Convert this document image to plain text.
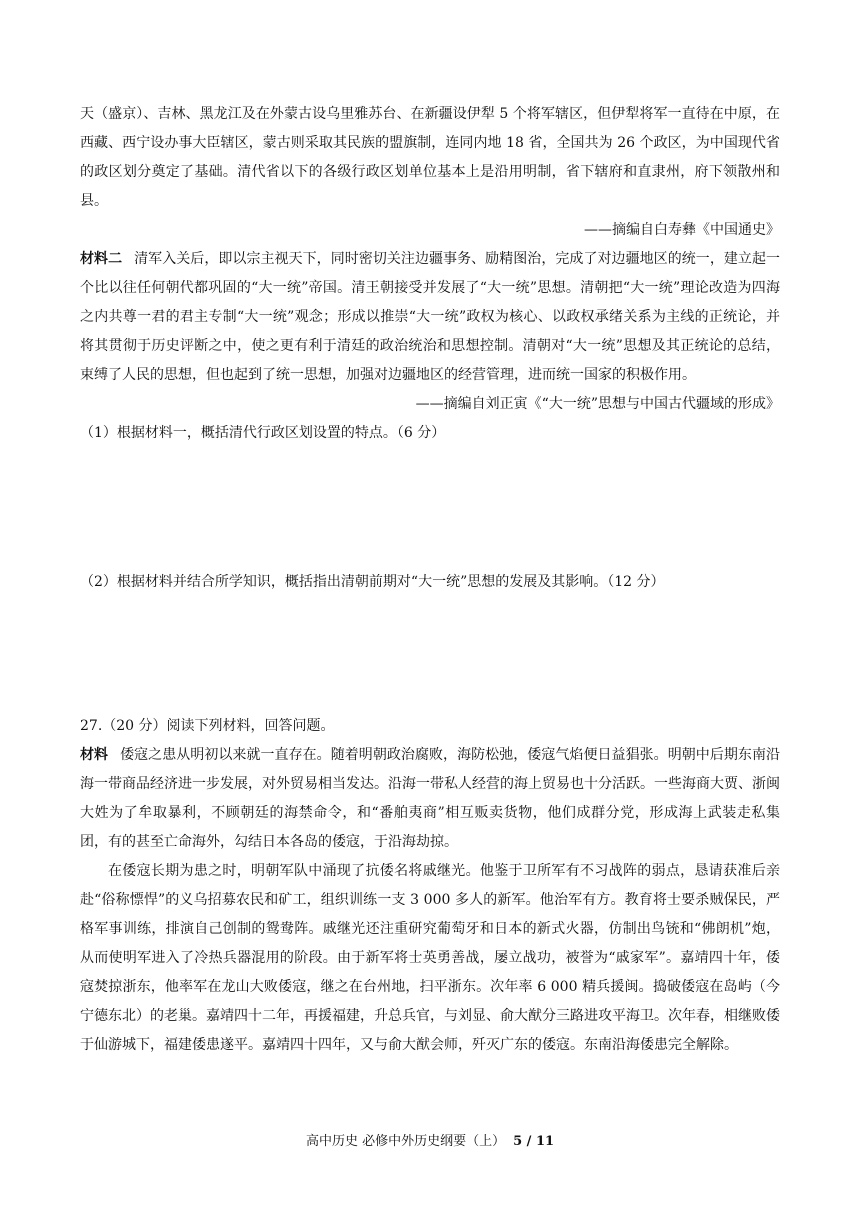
天（盛京）、吉林、黑龙江及在外蒙古设乌里雅苏台、在新疆设伊犁 5 个将军辖区，但伊犁将军一直待在中原，在西藏、西宁设办事大臣辖区，蒙古则采取其民族的盟旗制，连同内地 18 省，全国共为 26 个政区，为中国现代省的政区划分奠定了基础。清代省以下的各级行政区划单位基本上是沿用明制，省下辖府和直隶州，府下领散州和县。

——摘编自白寿彝《中国通史》

材料二 清军入关后，即以宗主视天下，同时密切关注边疆事务、励精图治，完成了对边疆地区的统一，建立起一个比以往任何朝代都巩固的“大一统”帝国。清王朝接受并发展了“大一统”思想。清朝把“大一统”理论改造为四海之内共尊一君的君主专制“大一统”观念；形成以推崇“大一统”政权为核心、以政权承绪关系为主线的正统论，并将其贯彻于历史评断之中，使之更有利于清廷的政治统治和思想控制。清朝对“大一统”思想及其正统论的总结，束缚了人民的思想，但也起到了统一思想，加强对边疆地区的经营管理，进而统一国家的积极作用。

——摘编自刘正寅《“大一统”思想与中国古代疆域的形成》

（1）根据材料一，概括清代行政区划设置的特点。（6 分）

（2）根据材料并结合所学知识，概括指出清朝前期对“大一统”思想的发展及其影响。（12 分）

27.（20 分）阅读下列材料，回答问题。

材料 倭寇之患从明初以来就一直存在。随着明朝政治腐败，海防松弛，倭寇气焰便日益猖张。明朝中后期东南沿海一带商品经济进一步发展，对外贸易相当发达。沿海一带私人经营的海上贸易也十分活跃。一些海商大贾、浙闽大姓为了牟取暴利，不顾朝廷的海禁命令，和“番舶夷商”相互贩卖货物，他们成群分党，形成海上武装走私集团，有的甚至亡命海外，勾结日本各岛的倭寇，于沿海劫掠。

在倭寇长期为患之时，明朝军队中涌现了抗倭名将戚继光。他鉴于卫所军有不习战阵的弱点，恳请获准后亲赴“俗称慓悍”的义乌招募农民和矿工，组织训练一支 3 000 多人的新军。他治军有方。教育将士要杀贼保民，严格军事训练，排演自己创制的鸳鸯阵。戚继光还注重研究葡萄牙和日本的新式火器，仿制出鸟铳和“佛朗机”炮，从而使明军进入了冷热兵器混用的阶段。由于新军将士英勇善战，屡立战功，被誉为“戚家军”。嘉靖四十年，倭寇焚掠浙东，他率军在龙山大败倭寇，继之在台州地，扫平浙东。次年率 6 000 精兵援闽。捣破倭寇在岛屿（今宁德东北）的老巢。嘉靖四十二年，再援福建，升总兵官，与刘显、俞大猷分三路进攻平海卫。次年春，相继败倭于仙游城下，福建倭患遂平。嘉靖四十四年，又与俞大猷会师，歼灭广东的倭寇。东南沿海倭患完全解除。

高中历史 必修中外历史纲要（上） 5 / 11
